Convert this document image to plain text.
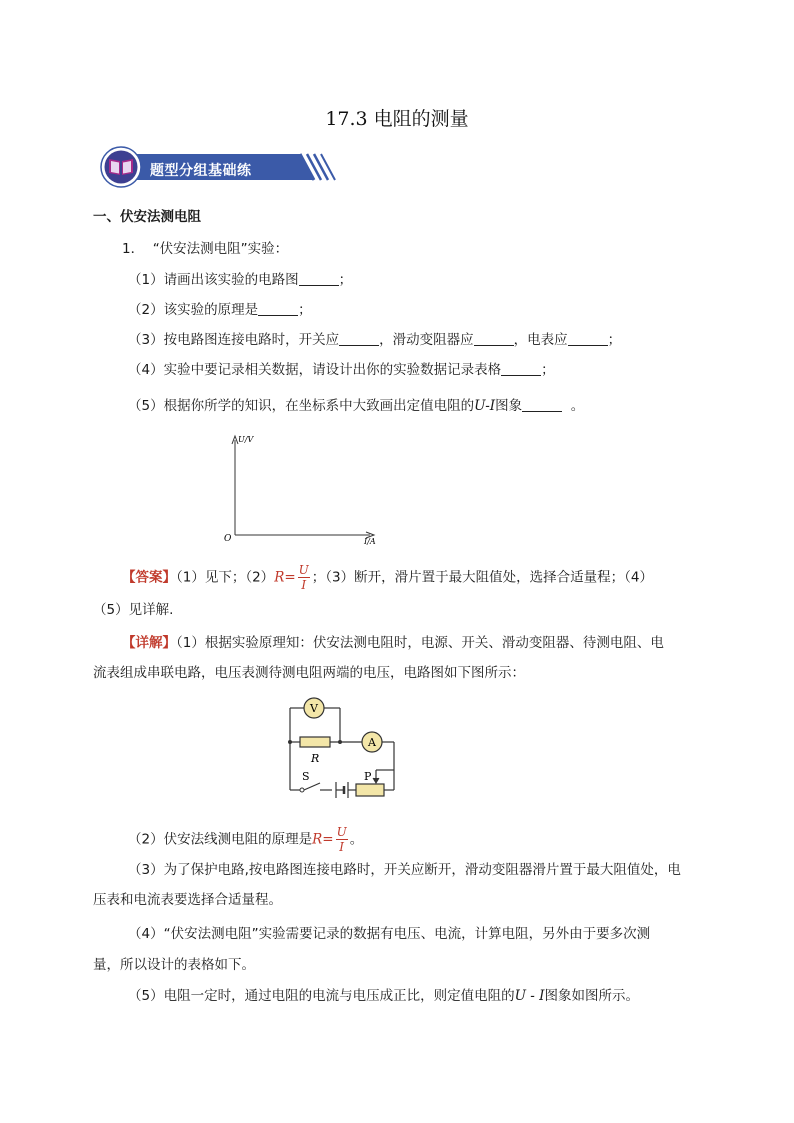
17.3 电阻的测量
题型分组基础练
一、伏安法测电阻
1． “伏安法测电阻”实验：
（1）请画出该实验的电路图	；
（2）该实验的原理是	；
（3）按电路图连接电路时，开关应	，滑动变阻器应	，电表应	；
（4）实验中要记录相关数据，请设计出你的实验数据记录表格	；
（5）根据你所学的知识，在坐标系中大致画出定值电阻的U-I图象	。
U/V
I/A
O
【答案】（1）见下；$(2)R= \frac{U}{I}$ ；（3）断开，滑片置于最大阻值处，选择合适量程；（4）
（5）见详解.
【详解】（1）根据实验原理知：伏安法测电阻时，电源、开关、滑动变阻器、待测电阻、电
流表组成串联电路，电压表测待测电阻两端的电压，电路图如下图所示：
V
R
A
S	P
（2）伏安法线测电阻的原理是$R= \frac{U}{I}$ 。
（3）为了保护电路,按电路图连接电路时，开关应断开，滑动变阻器滑片置于最大阻值处，电
压表和电流表要选择合适量程。
（4）“伏安法测电阻”实验需要记录的数据有电压、电流，计算电阻，另外由于要多次测
量，所以设计的表格如下。
（5）电阻一定时，通过电阻的电流与电压成正比，则定值电阻的U - I图象如图所示。
